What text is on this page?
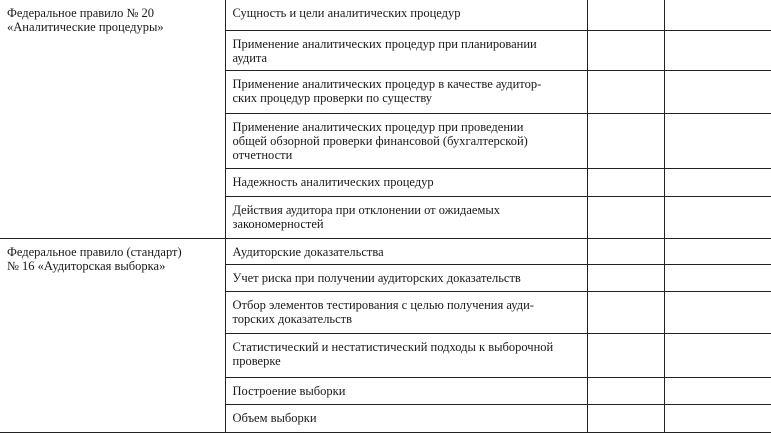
Федеральное правило № 20
«Аналитические процедуры»	Сущность и цели аналитических процедур		

	Применение аналитических процедур при планировании
аудита		

	Применение аналитических процедур в качестве аудитор-
ских процедур проверки по существу		

	Применение аналитических процедур при проведении
общей обзорной проверки финансовой (бухгалтерской)
отчетности		

	Надежность аналитических процедур		

	Действия аудитора при отклонении от ожидаемых
закономерностей		

Федеральное правило (стандарт)
№ 16 «Аудиторская выборка»	Аудиторские доказательства		

	Учет риска при получении аудиторских доказательств		

	Отбор элементов тестирования с целью получения ауди-
торских доказательств		

	Статистический и нестатистический подходы к выборочной
проверке		

	Построение выборки		

	Объем выборки		
